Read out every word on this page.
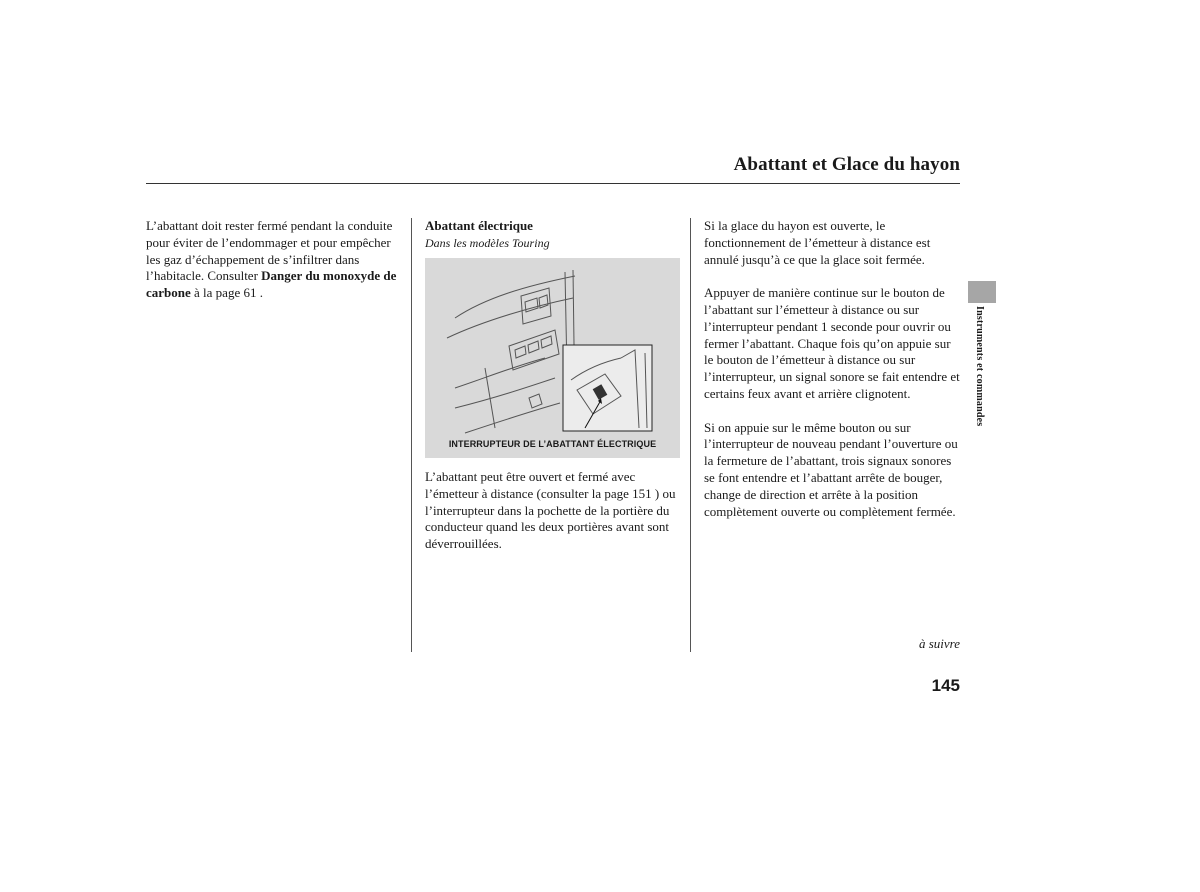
Abattant et Glace du hayon

L’abattant doit rester fermé pendant la conduite pour éviter de l’endommager et pour empêcher les gaz d’échappement de s’infiltrer dans l’habitacle. Consulter Danger du monoxyde de carbone à la page 61 .

Abattant électrique
Dans les modèles Touring
INTERRUPTEUR DE L’ABATTANT ÉLECTRIQUE

L’abattant peut être ouvert et fermé avec l’émetteur à distance (consulter la page 151 ) ou l’interrupteur dans la pochette de la portière du conducteur quand les deux portières avant sont déverrouillées.

Si la glace du hayon est ouverte, le fonctionnement de l’émetteur à distance est annulé jusqu’à ce que la glace soit fermée.

Appuyer de manière continue sur le bouton de l’abattant sur l’émetteur à distance ou sur l’interrupteur pendant 1 seconde pour ouvrir ou fermer l’abattant. Chaque fois qu’on appuie sur le bouton de l’émetteur à distance ou sur l’interrupteur, un signal sonore se fait entendre et certains feux avant et arrière clignotent.

Si on appuie sur le même bouton ou sur l’interrupteur de nouveau pendant l’ouverture ou la fermeture de l’abattant, trois signaux sonores se font entendre et l’abattant arrête de bouger, change de direction et arrête à la position complètement ouverte ou complètement fermée.

Instruments et commandes
à suivre
145
